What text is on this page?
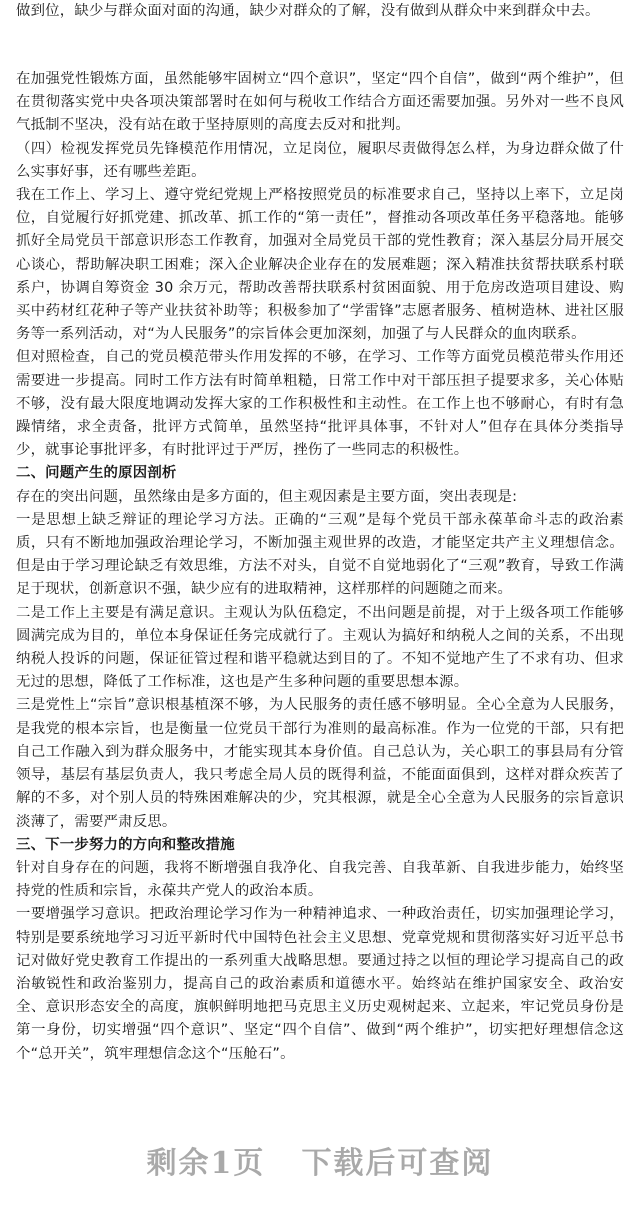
做到位，缺少与群众面对面的沟通，缺少对群众的了解，没有做到从群众中来到群众中去。

在加强党性锻炼方面，虽然能够牢固树立“四个意识”，坚定“四个自信”，做到“两个维护”，但在贯彻落实党中央各项决策部署时在如何与税收工作结合方面还需要加强。另外对一些不良风气抵制不坚决，没有站在敢于坚持原则的高度去反对和批判。

（四）检视发挥党员先锋模范作用情况，立足岗位，履职尽责做得怎么样，为身边群众做了什么实事好事，还有哪些差距。

我在工作上、学习上、遵守党纪党规上严格按照党员的标准要求自己，坚持以上率下，立足岗位，自觉履行好抓党建、抓改革、抓工作的“第一责任”，督推动各项改革任务平稳落地。能够抓好全局党员干部意识形态工作教育，加强对全局党员干部的党性教育；深入基层分局开展交心谈心，帮助解决职工困难；深入企业解决企业存在的发展难题；深入精准扶贫帮扶联系村联系户，协调自筹资金 30 余万元，帮助改善帮扶联系村贫困面貌、用于危房改造项目建设、购买中药材红花种子等产业扶贫补助等；积极参加了“学雷锋”志愿者服务、植树造林、进社区服务等一系列活动，对“为人民服务”的宗旨体会更加深刻，加强了与人民群众的血肉联系。

但对照检查，自己的党员模范带头作用发挥的不够，在学习、工作等方面党员模范带头作用还需要进一步提高。同时工作方法有时简单粗糙，日常工作中对干部压担子提要求多，关心体贴不够，没有最大限度地调动发挥大家的工作积极性和主动性。在工作上也不够耐心，有时有急躁情绪，求全责备，批评方式简单，虽然坚持“批评具体事，不针对人”但存在具体分类指导少，就事论事批评多，有时批评过于严厉，挫伤了一些同志的积极性。

二、问题产生的原因剖析

存在的突出问题，虽然缘由是多方面的，但主观因素是主要方面，突出表现是:

一是思想上缺乏辩证的理论学习方法。正确的“三观”是每个党员干部永葆革命斗志的政治素质，只有不断地加强政治理论学习，不断加强主观世界的改造，才能坚定共产主义理想信念。但是由于学习理论缺乏有效思维，方法不对头，自觉不自觉地弱化了“三观”教育，导致工作满足于现状，创新意识不强，缺少应有的进取精神，这样那样的问题随之而来。

二是工作上主要是有满足意识。主观认为队伍稳定，不出问题是前提，对于上级各项工作能够圆满完成为目的，单位本身保证任务完成就行了。主观认为搞好和纳税人之间的关系，不出现纳税人投诉的问题，保证征管过程和谐平稳就达到目的了。不知不觉地产生了不求有功、但求无过的思想，降低了工作标准，这也是产生多种问题的重要思想本源。

三是党性上“宗旨”意识根基植深不够，为人民服务的责任感不够明显。全心全意为人民服务，是我党的根本宗旨，也是衡量一位党员干部行为准则的最高标准。作为一位党的干部，只有把自己工作融入到为群众服务中，才能实现其本身价值。自己总认为，关心职工的事县局有分管领导，基层有基层负责人，我只考虑全局人员的既得利益，不能面面俱到，这样对群众疾苦了解的不多，对个别人员的特殊困难解决的少，究其根源，就是全心全意为人民服务的宗旨意识淡薄了，需要严肃反思。

三、下一步努力的方向和整改措施

针对自身存在的问题，我将不断增强自我净化、自我完善、自我革新、自我进步能力，始终坚持党的性质和宗旨，永葆共产党人的政治本质。

一要增强学习意识。把政治理论学习作为一种精神追求、一种政治责任，切实加强理论学习，特别是要系统地学习习近平新时代中国特色社会主义思想、党章党规和贯彻落实好习近平总书记对做好党史教育工作提出的一系列重大战略思想。要通过持之以恒的理论学习提高自己的政治敏锐性和政治鉴别力，提高自己的政治素质和道德水平。始终站在维护国家安全、政治安全、意识形态安全的高度，旗帜鲜明地把马克思主义历史观树起来、立起来，牢记党员身份是第一身份，切实增强“四个意识”、坚定“四个自信”、做到“两个维护”，切实把好理想信念这个“总开关”，筑牢理想信念这个“压舱石”。

剩余1页 下载后可查阅
